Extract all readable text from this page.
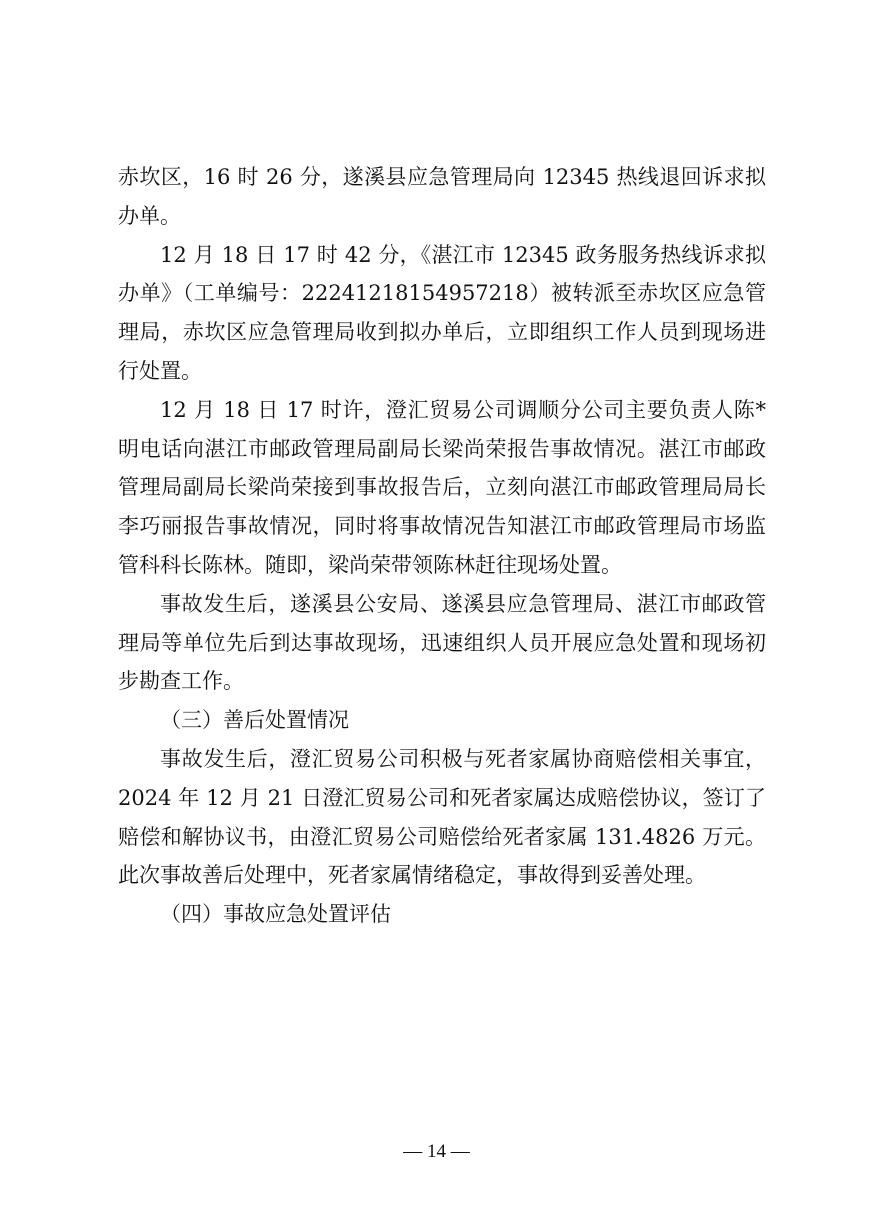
赤坎区，16 时 26 分，遂溪县应急管理局向 12345 热线退回诉求拟办单。

12 月 18 日 17 时 42 分，《湛江市 12345 政务服务热线诉求拟办单》（工单编号：22241218154957218）被转派至赤坎区应急管理局，赤坎区应急管理局收到拟办单后，立即组织工作人员到现场进行处置。

12 月 18 日 17 时许，澄汇贸易公司调顺分公司主要负责人陈*明电话向湛江市邮政管理局副局长梁尚荣报告事故情况。湛江市邮政管理局副局长梁尚荣接到事故报告后，立刻向湛江市邮政管理局局长李巧丽报告事故情况，同时将事故情况告知湛江市邮政管理局市场监管科科长陈林。随即，梁尚荣带领陈林赶往现场处置。

事故发生后，遂溪县公安局、遂溪县应急管理局、湛江市邮政管理局等单位先后到达事故现场，迅速组织人员开展应急处置和现场初步勘查工作。

（三）善后处置情况

事故发生后，澄汇贸易公司积极与死者家属协商赔偿相关事宜，2024 年 12 月 21 日澄汇贸易公司和死者家属达成赔偿协议，签订了赔偿和解协议书，由澄汇贸易公司赔偿给死者家属 131.4826 万元。此次事故善后处理中，死者家属情绪稳定，事故得到妥善处理。

（四）事故应急处置评估

— 14 —
